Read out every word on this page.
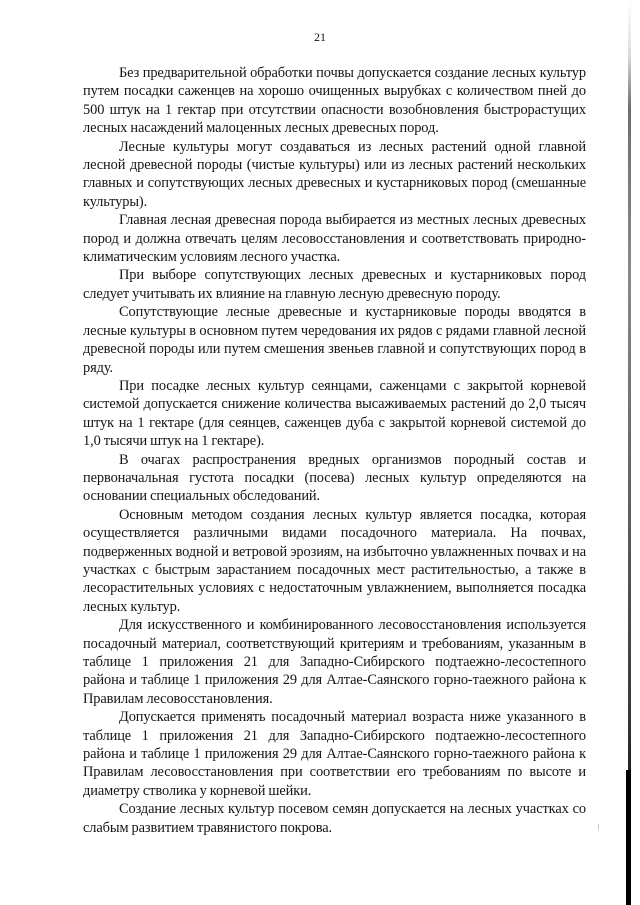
21

Без предварительной обработки почвы допускается создание лесных культур путем посадки саженцев на хорошо очищенных вырубках с количеством пней до 500 штук на 1 гектар при отсутствии опасности возобновления быстрорастущих лесных насаждений малоценных лесных древесных пород.

Лесные культуры могут создаваться из лесных растений одной главной лесной древесной породы (чистые культуры) или из лесных растений нескольких главных и сопутствующих лесных древесных и кустарниковых пород (смешанные культуры).

Главная лесная древесная порода выбирается из местных лесных древесных пород и должна отвечать целям лесовосстановления и соответствовать природно-климатическим условиям лесного участка.

При выборе сопутствующих лесных древесных и кустарниковых пород следует учитывать их влияние на главную лесную древесную породу.

Сопутствующие лесные древесные и кустарниковые породы вводятся в лесные культуры в основном путем чередования их рядов с рядами главной лесной древесной породы или путем смешения звеньев главной и сопутствующих пород в ряду.

При посадке лесных культур сеянцами, саженцами с закрытой корневой системой допускается снижение количества высаживаемых растений до 2,0 тысяч штук на 1 гектаре (для сеянцев, саженцев дуба с закрытой корневой системой до 1,0 тысячи штук на 1 гектаре).

В очагах распространения вредных организмов породный состав и первоначальная густота посадки (посева) лесных культур определяются на основании специальных обследований.

Основным методом создания лесных культур является посадка, которая осуществляется различными видами посадочного материала. На почвах, подверженных водной и ветровой эрозиям, на избыточно увлажненных почвах и на участках с быстрым зарастанием посадочных мест растительностью, а также в лесорастительных условиях с недостаточным увлажнением, выполняется посадка лесных культур.

Для искусственного и комбинированного лесовосстановления используется посадочный материал, соответствующий критериям и требованиям, указанным в таблице 1 приложения 21 для Западно-Сибирского подтаежно-лесостепного района и таблице 1 приложения 29 для Алтае-Саянского горно-таежного района к Правилам лесовосстановления.

Допускается применять посадочный материал возраста ниже указанного в таблице 1 приложения 21 для Западно-Сибирского подтаежно-лесостепного района и таблице 1 приложения 29 для Алтае-Саянского горно-таежного района к Правилам лесовосстановления при соответствии его требованиям по высоте и диаметру стволика у корневой шейки.

Создание лесных культур посевом семян допускается на лесных участках со слабым развитием травянистого покрова.
